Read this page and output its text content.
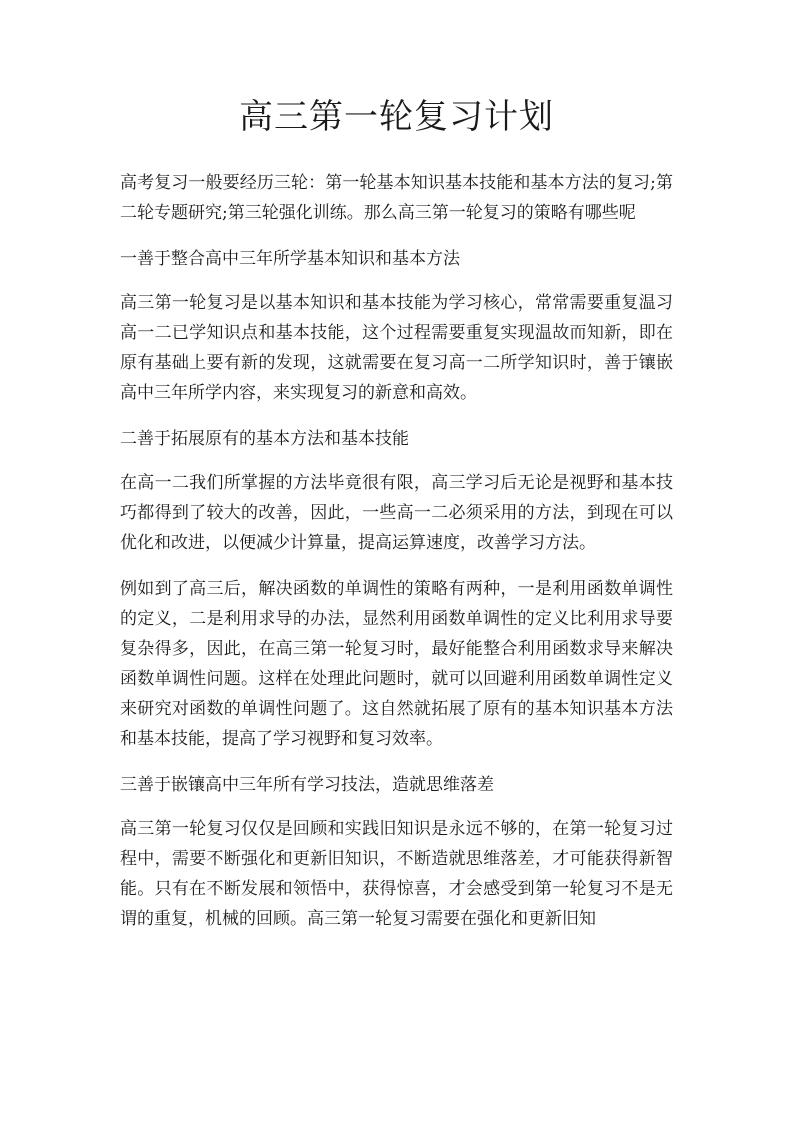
高三第一轮复习计划

高考复习一般要经历三轮：第一轮基本知识基本技能和基本方法的复习;第二轮专题研究;第三轮强化训练。那么高三第一轮复习的策略有哪些呢

一善于整合高中三年所学基本知识和基本方法

高三第一轮复习是以基本知识和基本技能为学习核心，常常需要重复温习高一二已学知识点和基本技能，这个过程需要重复实现温故而知新，即在原有基础上要有新的发现，这就需要在复习高一二所学知识时，善于镶嵌高中三年所学内容，来实现复习的新意和高效。

二善于拓展原有的基本方法和基本技能

在高一二我们所掌握的方法毕竟很有限，高三学习后无论是视野和基本技巧都得到了较大的改善，因此，一些高一二必须采用的方法，到现在可以优化和改进，以便减少计算量，提高运算速度，改善学习方法。

例如到了高三后，解决函数的单调性的策略有两种，一是利用函数单调性的定义，二是利用求导的办法，显然利用函数单调性的定义比利用求导要复杂得多，因此，在高三第一轮复习时，最好能整合利用函数求导来解决函数单调性问题。这样在处理此问题时，就可以回避利用函数单调性定义来研究对函数的单调性问题了。这自然就拓展了原有的基本知识基本方法和基本技能，提高了学习视野和复习效率。

三善于嵌镶高中三年所有学习技法，造就思维落差

高三第一轮复习仅仅是回顾和实践旧知识是永远不够的，在第一轮复习过程中，需要不断强化和更新旧知识，不断造就思维落差，才可能获得新智能。只有在不断发展和领悟中，获得惊喜，才会感受到第一轮复习不是无谓的重复，机械的回顾。高三第一轮复习需要在强化和更新旧知
